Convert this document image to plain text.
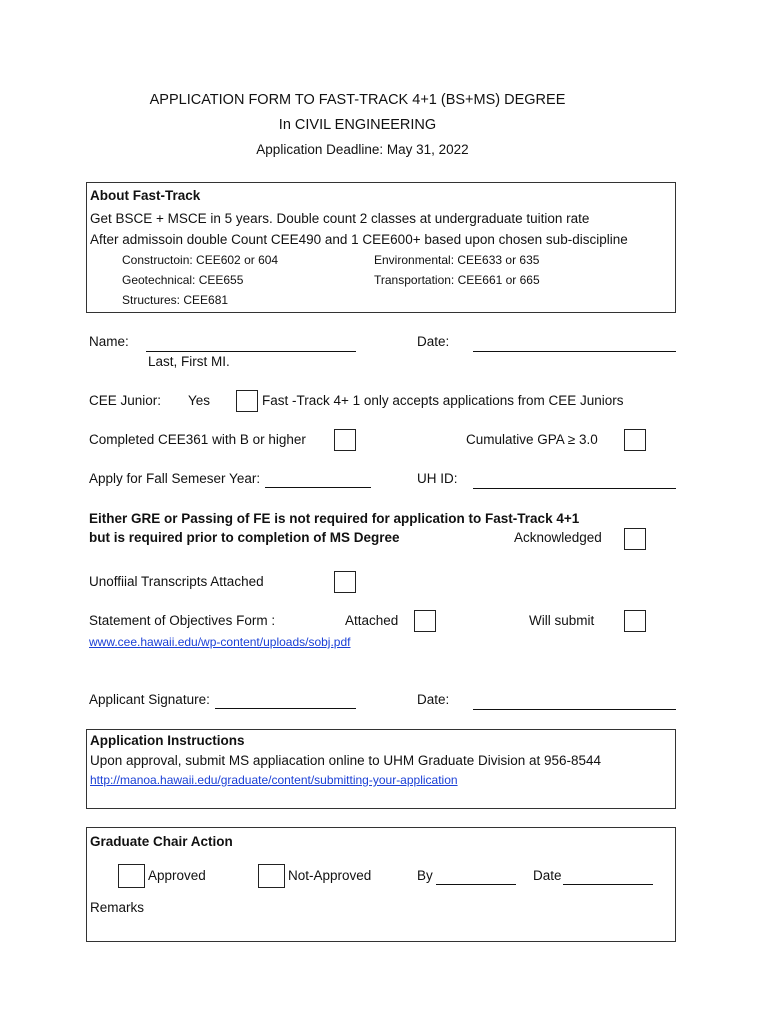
APPLICATION FORM TO FAST-TRACK 4+1 (BS+MS) DEGREE
In CIVIL ENGINEERING
Application Deadline: May 31, 2022
About Fast-Track
Get BSCE + MSCE in 5 years. Double count 2 classes at undergraduate tuition rate
After admissoin double Count CEE490 and 1 CEE600+ based upon chosen sub-discipline
Constructoin: CEE602 or 604	Environmental: CEE633 or 635
Geotechnical: CEE655	Transportation: CEE661 or 665
Structures: CEE681
Name:
Last, First MI.
Date:
CEE Junior: Yes	Fast -Track 4+ 1 only accepts applications from CEE Juniors
Completed CEE361 with B or higher	Cumulative GPA ≥ 3.0
Apply for Fall Semeser Year:	UH ID:
Either GRE or Passing of FE is not required for application to Fast-Track 4+1
but is required prior to completion of MS Degree	Acknowledged
Unoffiial Transcripts Attached
Statement of Objectives Form :	Attached	Will submit
www.cee.hawaii.edu/wp-content/uploads/sobj.pdf
Applicant Signature:	Date:
Application Instructions
Upon approval, submit MS appliacation online to UHM Graduate Division at 956-8544
http://manoa.hawaii.edu/graduate/content/submitting-your-application
Graduate Chair Action
Approved	Not-Approved	By	Date
Remarks
